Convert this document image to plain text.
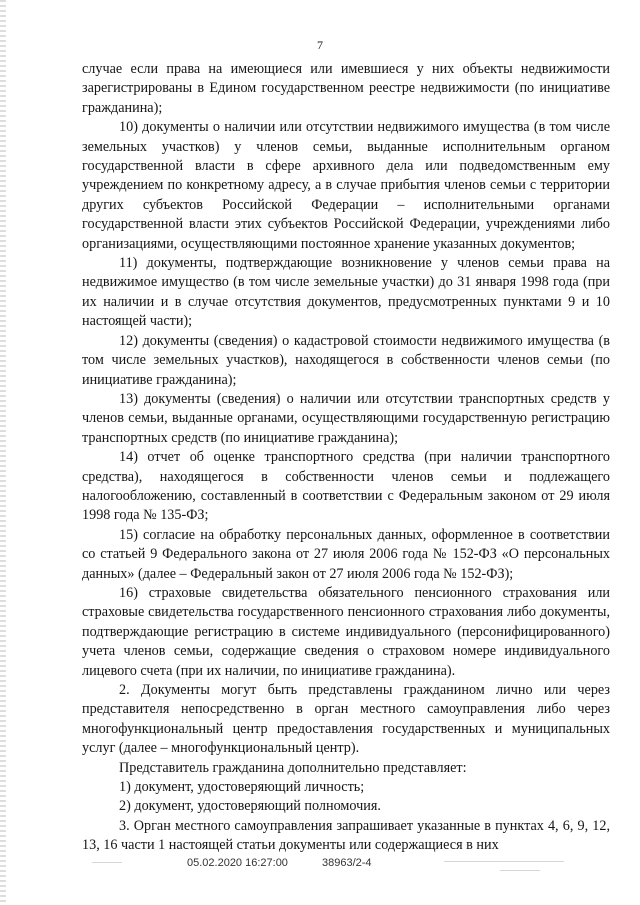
7

случае если права на имеющиеся или имевшиеся у них объекты недвижимости зарегистрированы в Едином государственном реестре недвижимости (по инициативе гражданина);

10) документы о наличии или отсутствии недвижимого имущества (в том числе земельных участков) у членов семьи, выданные исполнительным органом государственной власти в сфере архивного дела или подведомственным ему учреждением по конкретному адресу, а в случае прибытия членов семьи с территории других субъектов Российской Федерации – исполнительными органами государственной власти этих субъектов Российской Федерации, учреждениями либо организациями, осуществляющими постоянное хранение указанных документов;

11) документы, подтверждающие возникновение у членов семьи права на недвижимое имущество (в том числе земельные участки) до 31 января 1998 года (при их наличии и в случае отсутствия документов, предусмотренных пунктами 9 и 10 настоящей части);

12) документы (сведения) о кадастровой стоимости недвижимого имущества (в том числе земельных участков), находящегося в собственности членов семьи (по инициативе гражданина);

13) документы (сведения) о наличии или отсутствии транспортных средств у членов семьи, выданные органами, осуществляющими государственную регистрацию транспортных средств (по инициативе гражданина);

14) отчет об оценке транспортного средства (при наличии транспортного средства), находящегося в собственности членов семьи и подлежащего налогообложению, составленный в соответствии с Федеральным законом от 29 июля 1998 года № 135-ФЗ;

15) согласие на обработку персональных данных, оформленное в соответствии со статьей 9 Федерального закона от 27 июля 2006 года № 152-ФЗ «О персональных данных» (далее – Федеральный закон от 27 июля 2006 года № 152-ФЗ);

16) страховые свидетельства обязательного пенсионного страхования или страховые свидетельства государственного пенсионного страхования либо документы, подтверждающие регистрацию в системе индивидуального (персонифицированного) учета членов семьи, содержащие сведения о страховом номере индивидуального лицевого счета (при их наличии, по инициативе гражданина).

2. Документы могут быть представлены гражданином лично или через представителя непосредственно в орган местного самоуправления либо через многофункциональный центр предоставления государственных и муниципальных услуг (далее – многофункциональный центр).

Представитель гражданина дополнительно представляет:

1) документ, удостоверяющий личность;

2) документ, удостоверяющий полномочия.

3. Орган местного самоуправления запрашивает указанные в пунктах 4, 6, 9, 12, 13, 16 части 1 настоящей статьи документы или содержащиеся в них

05.02.2020 16:27:00	38963/2-4
